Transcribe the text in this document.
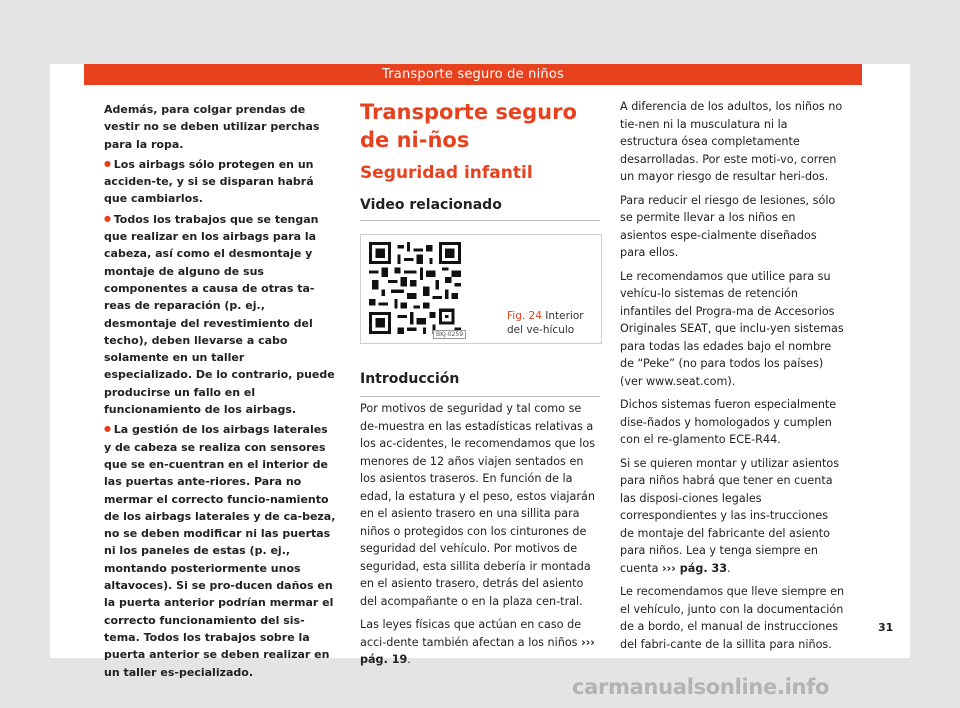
Transporte seguro de niños

Además, para colgar prendas de vestir no se deben utilizar perchas para la ropa.

● Los airbags sólo protegen en un acciden-te, y si se disparan habrá que cambiarlos.

● Todos los trabajos que se tengan que realizar en los airbags para la cabeza, así como el desmontaje y montaje de alguno de sus componentes a causa de otras ta-reas de reparación (p. ej., desmontaje del revestimiento del techo), deben llevarse a cabo solamente en un taller especializado. De lo contrario, puede producirse un fallo en el funcionamiento de los airbags.

● La gestión de los airbags laterales y de cabeza se realiza con sensores que se en-cuentran en el interior de las puertas ante-riores. Para no mermar el correcto funcio-namiento de los airbags laterales y de ca-beza, no se deben modificar ni las puertas ni los paneles de estas (p. ej., montando posteriormente unos altavoces). Si se pro-ducen daños en la puerta anterior podrían mermar el correcto funcionamiento del sis-tema. Todos los trabajos sobre la puerta anterior se deben realizar en un taller es-pecializado.

Transporte seguro de ni-ños
Seguridad infantil
Video relacionado
BKJ-0259
Fig. 24 Interior del ve-hículo
Introducción

Por motivos de seguridad y tal como se de-muestra en las estadísticas relativas a los ac-cidentes, le recomendamos que los menores de 12 años viajen sentados en los asientos traseros. En función de la edad, la estatura y el peso, estos viajarán en el asiento trasero en una sillita para niños o protegidos con los cinturones de seguridad del vehículo. Por motivos de seguridad, esta sillita debería ir montada en el asiento trasero, detrás del asiento del acompañante o en la plaza cen-tral.

Las leyes físicas que actúan en caso de acci-dente también afectan a los niños ››› pág. 19.

A diferencia de los adultos, los niños no tie-nen ni la musculatura ni la estructura ósea completamente desarrolladas. Por este moti-vo, corren un mayor riesgo de resultar heri-dos.

Para reducir el riesgo de lesiones, sólo se permite llevar a los niños en asientos espe-cialmente diseñados para ellos.

Le recomendamos que utilice para su vehícu-lo sistemas de retención infantiles del Progra-ma de Accesorios Originales SEAT, que inclu-yen sistemas para todas las edades bajo el nombre de “Peke” (no para todos los países) (ver www.seat.com).

Dichos sistemas fueron especialmente dise-ñados y homologados y cumplen con el re-glamento ECE-R44.

Si se quieren montar y utilizar asientos para niños habrá que tener en cuenta las disposi-ciones legales correspondientes y las ins-trucciones de montaje del fabricante del asiento para niños. Lea y tenga siempre en cuenta ››› pág. 33.

Le recomendamos que lleve siempre en el vehículo, junto con la documentación de a bordo, el manual de instrucciones del fabri-cante de la sillita para niños.

31
carmanualsonline.info
